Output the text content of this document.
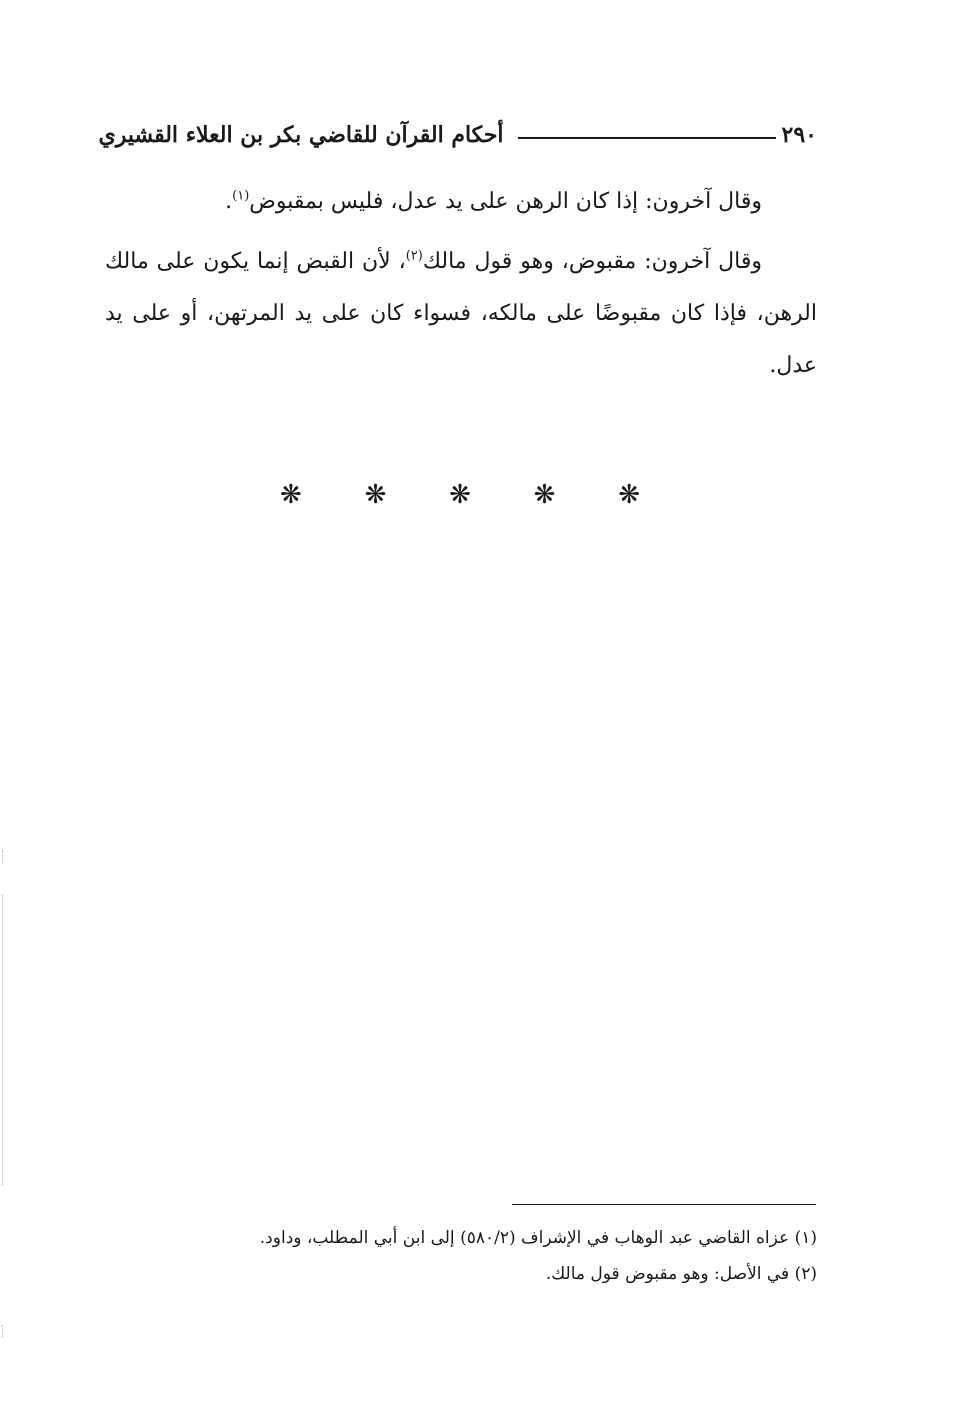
٢٩٠
أحكام القرآن للقاضي بكر بن العلاء القشيري

وقال آخرون: إذا كان الرهن على يد عدل، فليس بمقبوض$^{(١)}$.

وقال آخرون: مقبوض، وهو قول مالك$^{(٢)}$، لأن القبض إنما يكون على مالك الرهن، فإذا كان مقبوضًا على مالكه، فسواء كان على يد المرتهن، أو على يد عدل.

❋
❋
❋
❋
❋

(١) عزاه القاضي عبد الوهاب في الإشراف (٥٨٠/٢) إلى ابن أبي المطلب، وداود.

(٢) في الأصل: وهو مقبوض قول مالك.
